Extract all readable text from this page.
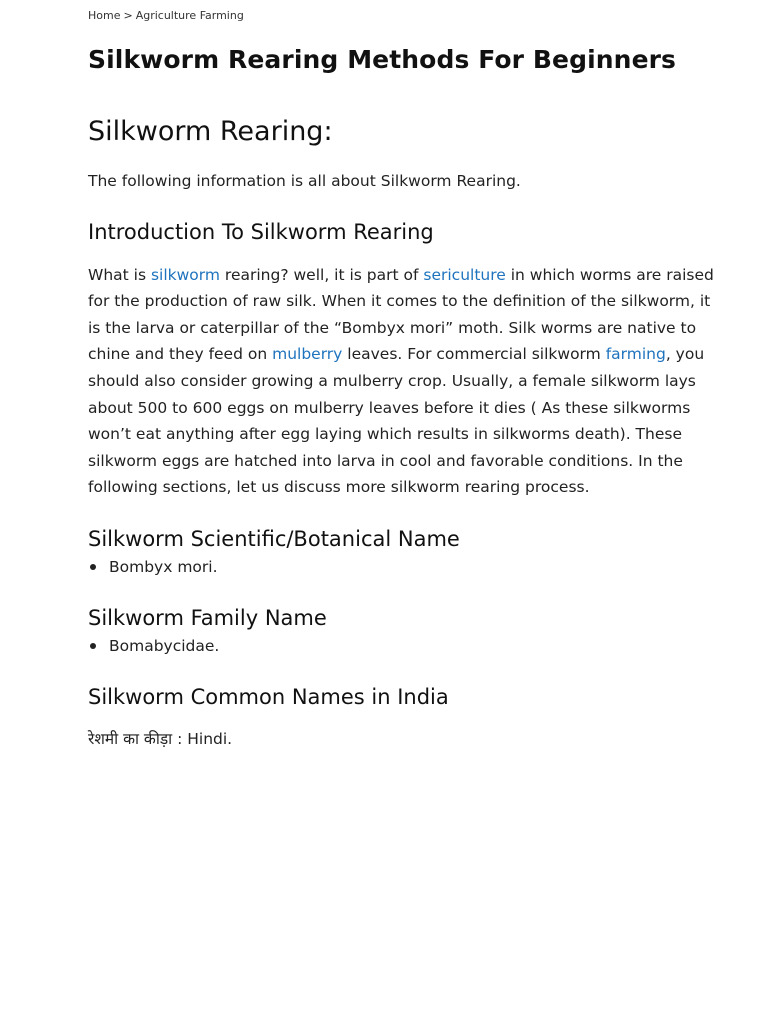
Home > Agriculture Farming
Silkworm Rearing Methods For Beginners
Silkworm Rearing:

The following information is all about Silkworm Rearing.

Introduction To Silkworm Rearing

What is silkworm rearing? well, it is part of sericulture in which worms are raised
for the production of raw silk. When it comes to the definition of the silkworm, it
is the larva or caterpillar of the “Bombyx mori” moth. Silk worms are native to
chine and they feed on mulberry leaves. For commercial silkworm farming, you
should also consider growing a mulberry crop. Usually, a female silkworm lays
about 500 to 600 eggs on mulberry leaves before it dies ( As these silkworms
won’t eat anything after egg laying which results in silkworms death). These
silkworm eggs are hatched into larva in cool and favorable conditions. In the
following sections, let us discuss more silkworm rearing process.

Silkworm Scientific/Botanical Name
Bombyx mori.
Silkworm Family Name
Bomabycidae.
Silkworm Common Names in India

रेशमी का कीड़ा : Hindi.
